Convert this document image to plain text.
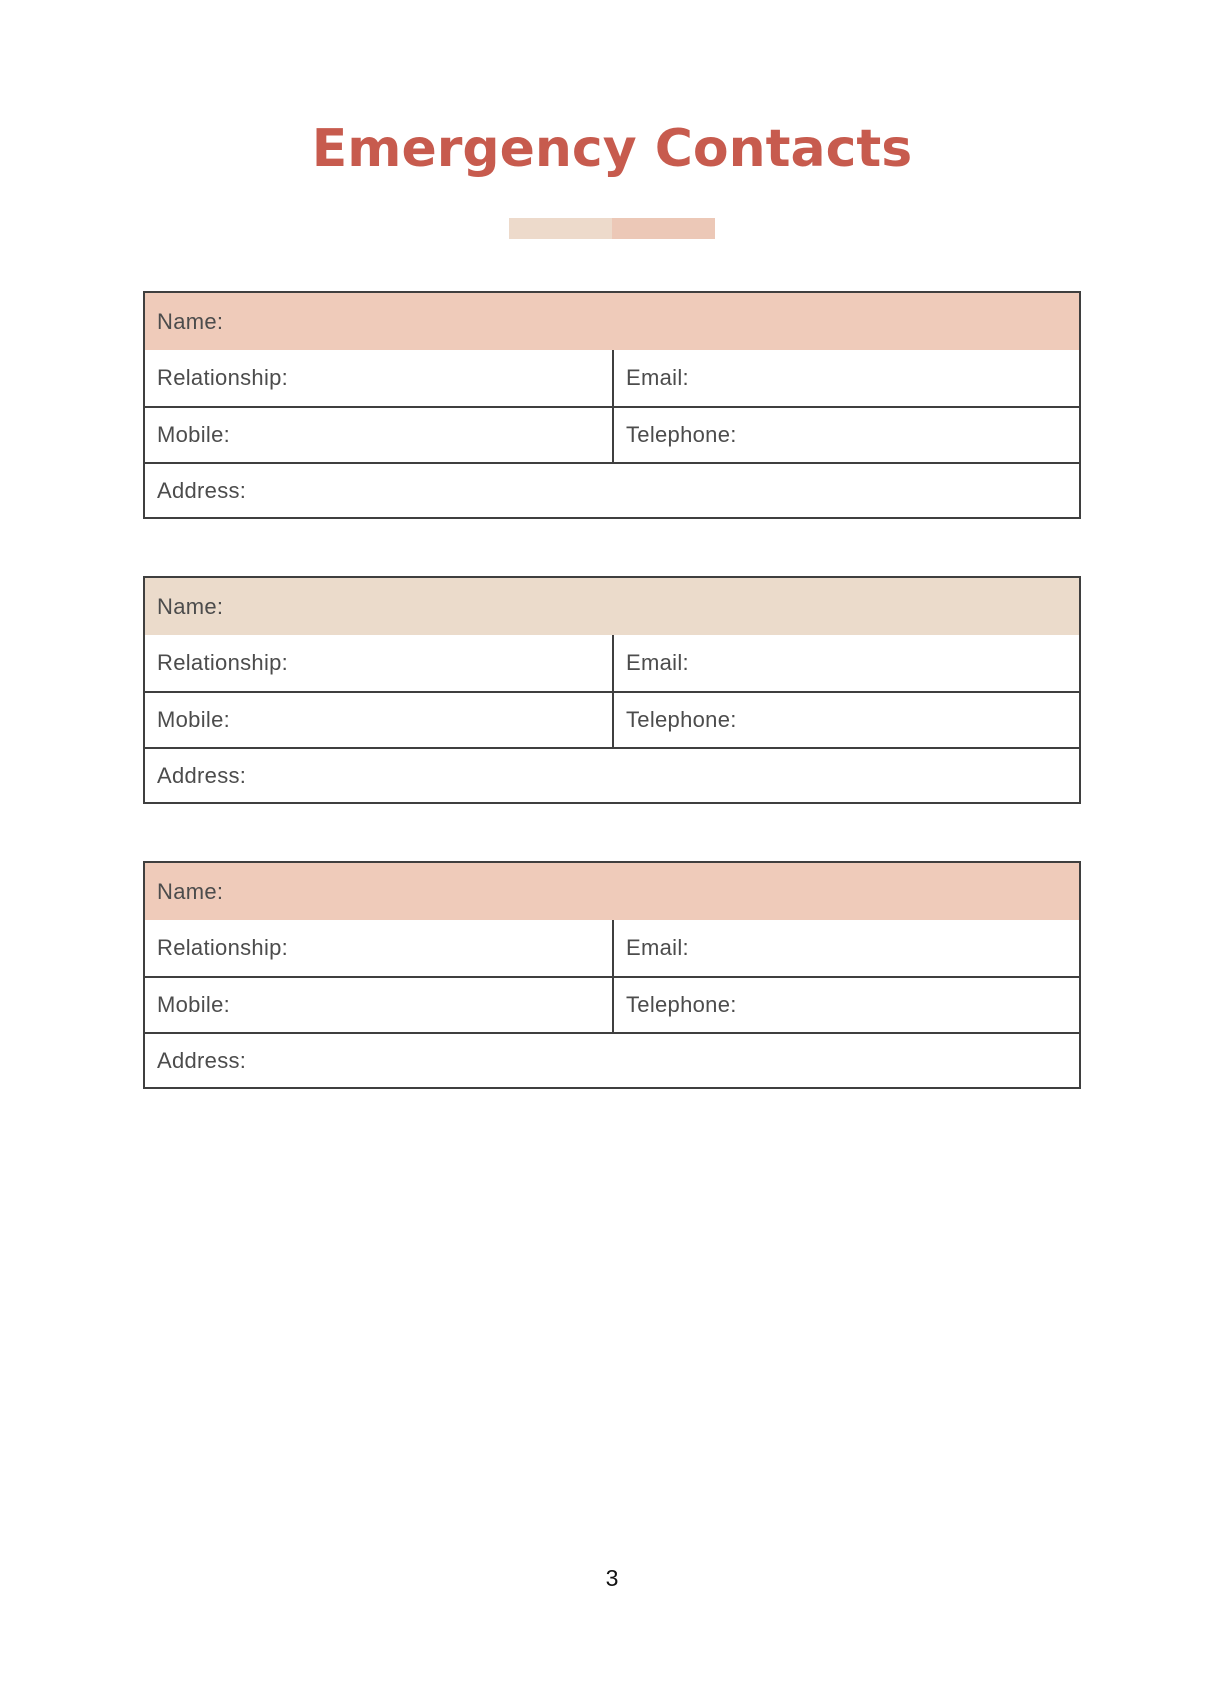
Emergency Contacts
Name:
Relationship:	Email:
Mobile:	Telephone:
Address:
Name:
Relationship:	Email:
Mobile:	Telephone:
Address:
Name:
Relationship:	Email:
Mobile:	Telephone:
Address:
3
